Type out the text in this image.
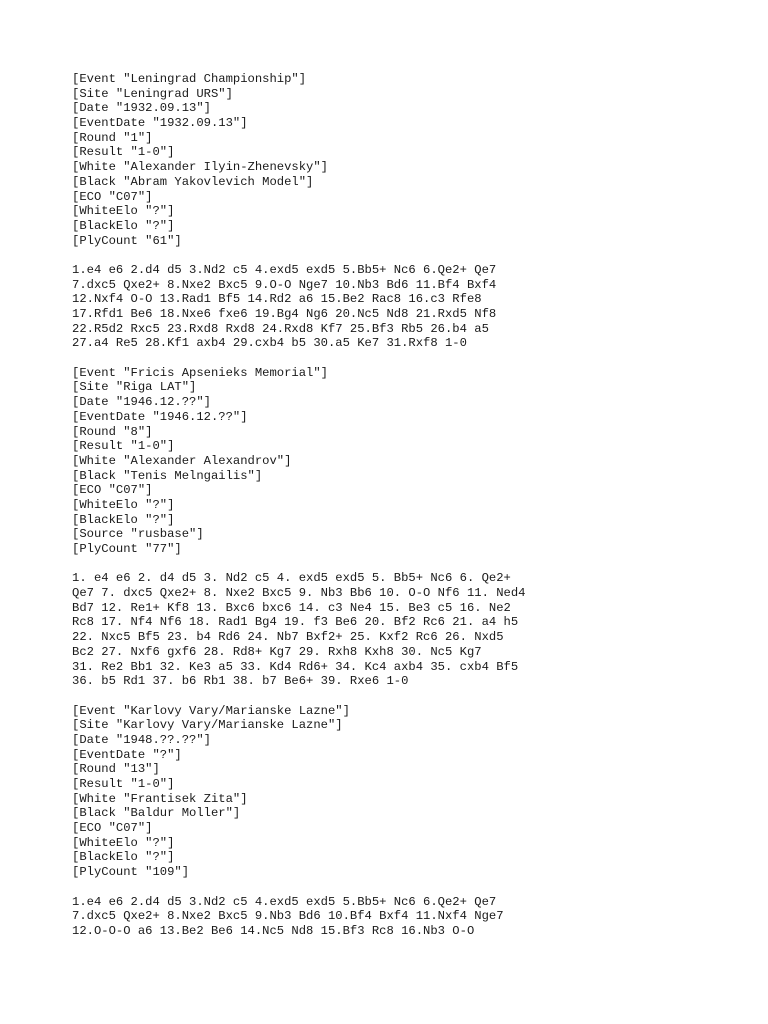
[Event "Leningrad Championship"]
[Site "Leningrad URS"]
[Date "1932.09.13"]
[EventDate "1932.09.13"]
[Round "1"]
[Result "1-0"]
[White "Alexander Ilyin-Zhenevsky"]
[Black "Abram Yakovlevich Model"]
[ECO "C07"]
[WhiteElo "?"]
[BlackElo "?"]
[PlyCount "61"]
1.e4 e6 2.d4 d5 3.Nd2 c5 4.exd5 exd5 5.Bb5+ Nc6 6.Qe2+ Qe7
7.dxc5 Qxe2+ 8.Nxe2 Bxc5 9.O-O Nge7 10.Nb3 Bd6 11.Bf4 Bxf4
12.Nxf4 O-O 13.Rad1 Bf5 14.Rd2 a6 15.Be2 Rac8 16.c3 Rfe8
17.Rfd1 Be6 18.Nxe6 fxe6 19.Bg4 Ng6 20.Nc5 Nd8 21.Rxd5 Nf8
22.R5d2 Rxc5 23.Rxd8 Rxd8 24.Rxd8 Kf7 25.Bf3 Rb5 26.b4 a5
27.a4 Re5 28.Kf1 axb4 29.cxb4 b5 30.a5 Ke7 31.Rxf8 1-0
[Event "Fricis Apsenieks Memorial"]
[Site "Riga LAT"]
[Date "1946.12.??"]
[EventDate "1946.12.??"]
[Round "8"]
[Result "1-0"]
[White "Alexander Alexandrov"]
[Black "Tenis Melngailis"]
[ECO "C07"]
[WhiteElo "?"]
[BlackElo "?"]
[Source "rusbase"]
[PlyCount "77"]
1. e4 e6 2. d4 d5 3. Nd2 c5 4. exd5 exd5 5. Bb5+ Nc6 6. Qe2+
Qe7 7. dxc5 Qxe2+ 8. Nxe2 Bxc5 9. Nb3 Bb6 10. O-O Nf6 11. Ned4
Bd7 12. Re1+ Kf8 13. Bxc6 bxc6 14. c3 Ne4 15. Be3 c5 16. Ne2
Rc8 17. Nf4 Nf6 18. Rad1 Bg4 19. f3 Be6 20. Bf2 Rc6 21. a4 h5
22. Nxc5 Bf5 23. b4 Rd6 24. Nb7 Bxf2+ 25. Kxf2 Rc6 26. Nxd5
Bc2 27. Nxf6 gxf6 28. Rd8+ Kg7 29. Rxh8 Kxh8 30. Nc5 Kg7
31. Re2 Bb1 32. Ke3 a5 33. Kd4 Rd6+ 34. Kc4 axb4 35. cxb4 Bf5
36. b5 Rd1 37. b6 Rb1 38. b7 Be6+ 39. Rxe6 1-0
[Event "Karlovy Vary/Marianske Lazne"]
[Site "Karlovy Vary/Marianske Lazne"]
[Date "1948.??.??"]
[EventDate "?"]
[Round "13"]
[Result "1-0"]
[White "Frantisek Zita"]
[Black "Baldur Moller"]
[ECO "C07"]
[WhiteElo "?"]
[BlackElo "?"]
[PlyCount "109"]
1.e4 e6 2.d4 d5 3.Nd2 c5 4.exd5 exd5 5.Bb5+ Nc6 6.Qe2+ Qe7
7.dxc5 Qxe2+ 8.Nxe2 Bxc5 9.Nb3 Bd6 10.Bf4 Bxf4 11.Nxf4 Nge7
12.O-O-O a6 13.Be2 Be6 14.Nc5 Nd8 15.Bf3 Rc8 16.Nb3 O-O
